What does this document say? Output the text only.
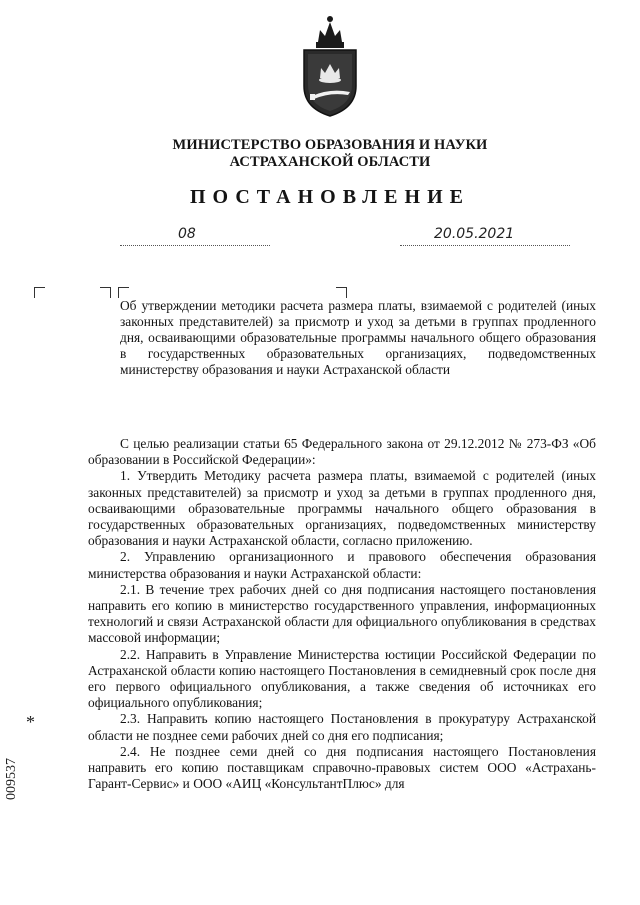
МИНИСТЕРСТВО ОБРАЗОВАНИЯ И НАУКИ
АСТРАХАНСКОЙ ОБЛАСТИ
ПОСТАНОВЛЕНИЕ
08	20.05.2021
Об утверждении методики расчета размера платы, взимаемой с родителей (иных законных представителей) за присмотр и уход за детьми в группах продленного дня, осваивающими образовательные программы начального общего образования в государственных образовательных организациях, подведомственных министерству образования и науки Астраханской области

С целью реализации статьи 65 Федерального закона от 29.12.2012 № 273-ФЗ «Об образовании в Российской Федерации»:

1. Утвердить Методику расчета размера платы, взимаемой с родителей (иных законных представителей) за присмотр и уход за детьми в группах продленного дня, осваивающими образовательные программы начального общего образования в государственных образовательных организациях, подведомственных министерству образования и науки Астраханской области, согласно приложению.

2. Управлению организационного и правового обеспечения образования министерства образования и науки Астраханской области:

2.1. В течение трех рабочих дней со дня подписания настоящего постановления направить его копию в министерство государственного управления, информационных технологий и связи Астраханской области для официального опубликования в средствах массовой информации;

2.2. Направить в Управление Министерства юстиции Российской Федерации по Астраханской области копию настоящего Постановления в семидневный срок после дня его первого официального опубликования, а также сведения об источниках его официального опубликования;

2.3. Направить копию настоящего Постановления в прокуратуру Астраханской области не позднее семи рабочих дней со дня его подписания;

2.4. Не позднее семи дней со дня подписания настоящего Постановления направить его копию поставщикам справочно-правовых систем ООО «Астрахань-Гарант-Сервис» и ООО «АИЦ «КонсультантПлюс» для

*
009537
